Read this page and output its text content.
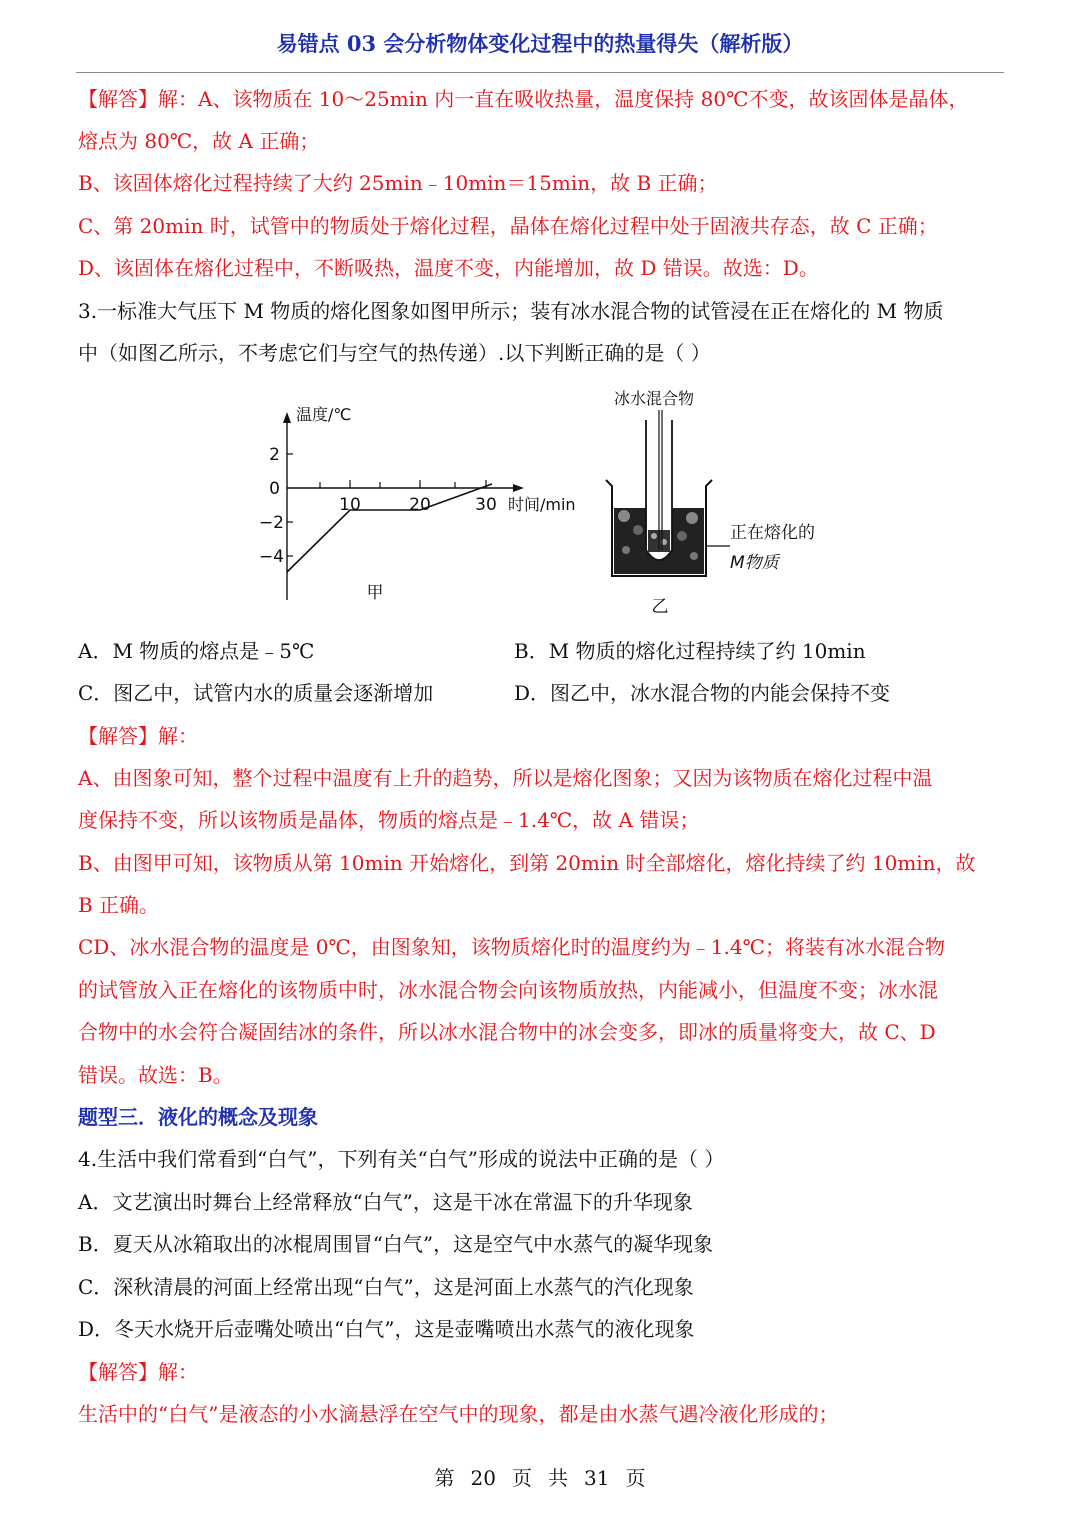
易错点 03 会分析物体变化过程中的热量得失（解析版）
【解答】解：A、该物质在 10～25min 内一直在吸收热量，温度保持 80℃不变，故该固体是晶体，
熔点为 80℃，故 A 正确；
B、该固体熔化过程持续了大约 25min﹣10min＝15min，故 B 正确；
C、第 20min 时，试管中的物质处于熔化过程，晶体在熔化过程中处于固液共存态，故 C 正确；
D、该固体在熔化过程中，不断吸热，温度不变，内能增加，故 D 错误。故选：D。
3.一标准大气压下 M 物质的熔化图象如图甲所示；装有冰水混合物的试管浸在正在熔化的 M 物质
中（如图乙所示，不考虑它们与空气的热传递）.以下判断正确的是（ ）
温度/℃
时间/min
2
0
−2
−4
10	20	30
甲
冰水混合物
正在熔化的
M物质
乙
A．M 物质的熔点是﹣5℃	B．M 物质的熔化过程持续了约 10min
C．图乙中，试管内水的质量会逐渐增加	D．图乙中，冰水混合物的内能会保持不变
【解答】解：
A、由图象可知，整个过程中温度有上升的趋势，所以是熔化图象；又因为该物质在熔化过程中温
度保持不变，所以该物质是晶体，物质的熔点是﹣1.4℃，故 A 错误；
B、由图甲可知，该物质从第 10min 开始熔化，到第 20min 时全部熔化，熔化持续了约 10min，故
B 正确。
CD、冰水混合物的温度是 0℃，由图象知，该物质熔化时的温度约为﹣1.4℃；将装有冰水混合物
的试管放入正在熔化的该物质中时，冰水混合物会向该物质放热，内能减小，但温度不变；冰水混
合物中的水会符合凝固结冰的条件，所以冰水混合物中的冰会变多，即冰的质量将变大，故 C、D
错误。故选：B。
题型三．液化的概念及现象
4.生活中我们常看到“白气”，下列有关“白气”形成的说法中正确的是（ ）
A．文艺演出时舞台上经常释放“白气”，这是干冰在常温下的升华现象
B．夏天从冰箱取出的冰棍周围冒“白气”，这是空气中水蒸气的凝华现象
C．深秋清晨的河面上经常出现“白气”，这是河面上水蒸气的汽化现象
D．冬天水烧开后壶嘴处喷出“白气”，这是壶嘴喷出水蒸气的液化现象
【解答】解：
生活中的“白气”是液态的小水滴悬浮在空气中的现象，都是由水蒸气遇冷液化形成的；
第 20 页 共 31 页
